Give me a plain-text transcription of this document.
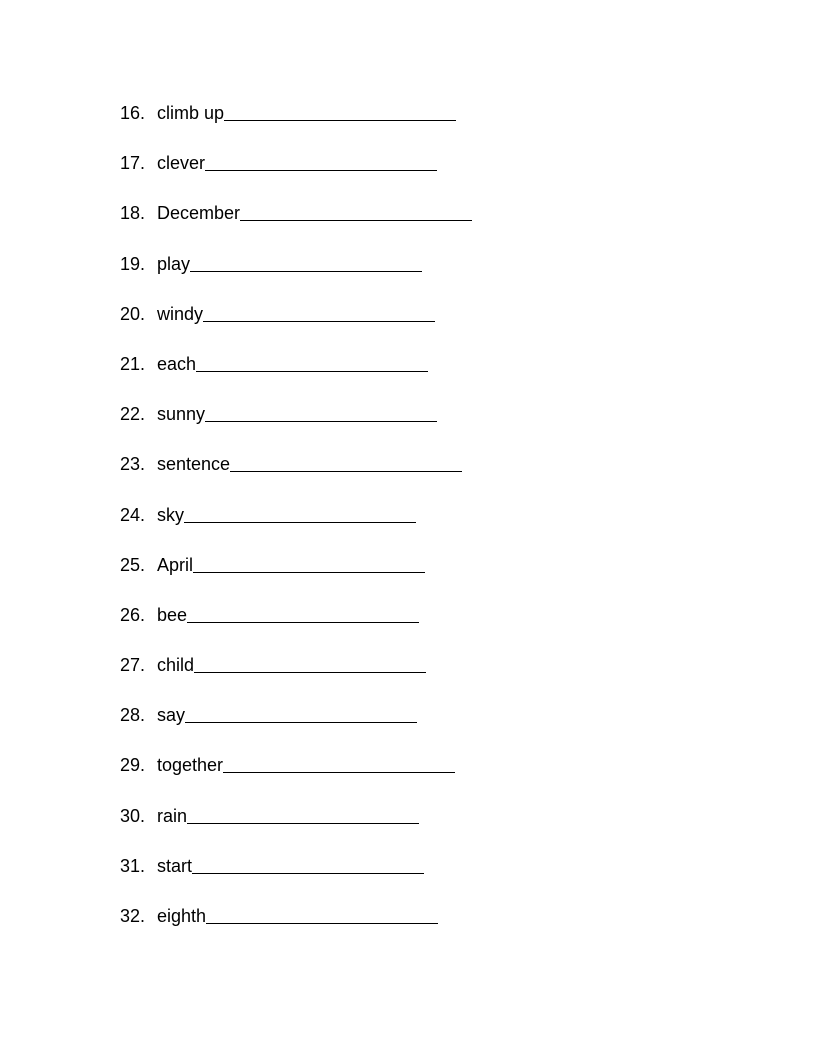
16. climb up
17. clever
18. December
19. play
20. windy
21. each
22. sunny
23. sentence
24. sky
25. April
26. bee
27. child
28. say
29. together
30. rain
31. start
32. eighth
